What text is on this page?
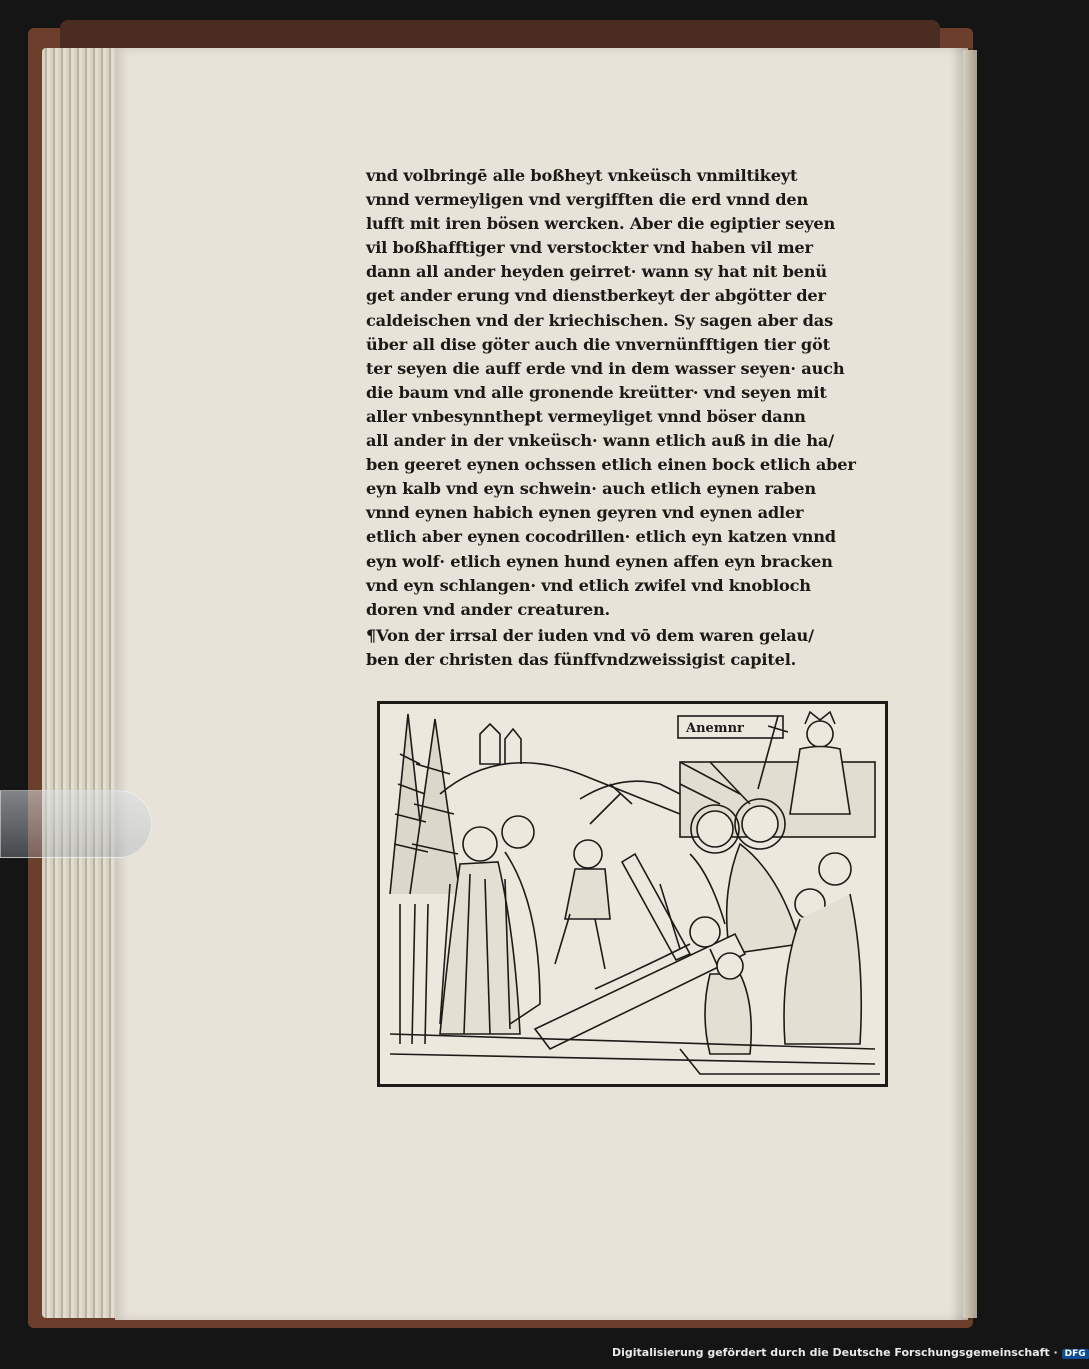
vnd volbringē alle boßheyt vnkeüsch vnmiltikeyt
vnnd vermeyligen vnd vergifften die erd vnnd den
lufft mit iren bösen wercken. Aber die egiptier seyen
vil boßhafftiger vnd verstockter vnd haben vil mer
dann all ander heyden geirret· wann sy hat nit benü
get ander erung vnd dienstberkeyt der abgötter der
caldeischen vnd der kriechischen. Sy sagen aber das
über all dise göter auch die vnvernünfftigen tier göt
ter seyen die auff erde vnd in dem wasser seyen· auch
die baum vnd alle gronende kreütter· vnd seyen mit
aller vnbesynnthept vermeyliget vnnd böser dann
all ander in der vnkeüsch· wann etlich auß in die ha/
ben geeret eynen ochssen etlich einen bock etlich aber
eyn kalb vnd eyn schwein· auch etlich eynen raben
vnnd eynen habich eynen geyren vnd eynen adler
etlich aber eynen cocodrillen· etlich eyn katzen vnnd
eyn wolf· etlich eynen hund eynen affen eyn bracken
vnd eyn schlangen· vnd etlich zwifel vnd knobloch
doren vnd ander creaturen.
¶Von der irrsal der iuden vnd vō dem waren gelau/
ben der christen das fünffvndzweissigist capitel.
Anemnr
Digitalisierung gefördert durch die Deutsche Forschungsgemeinschaft · DFG
